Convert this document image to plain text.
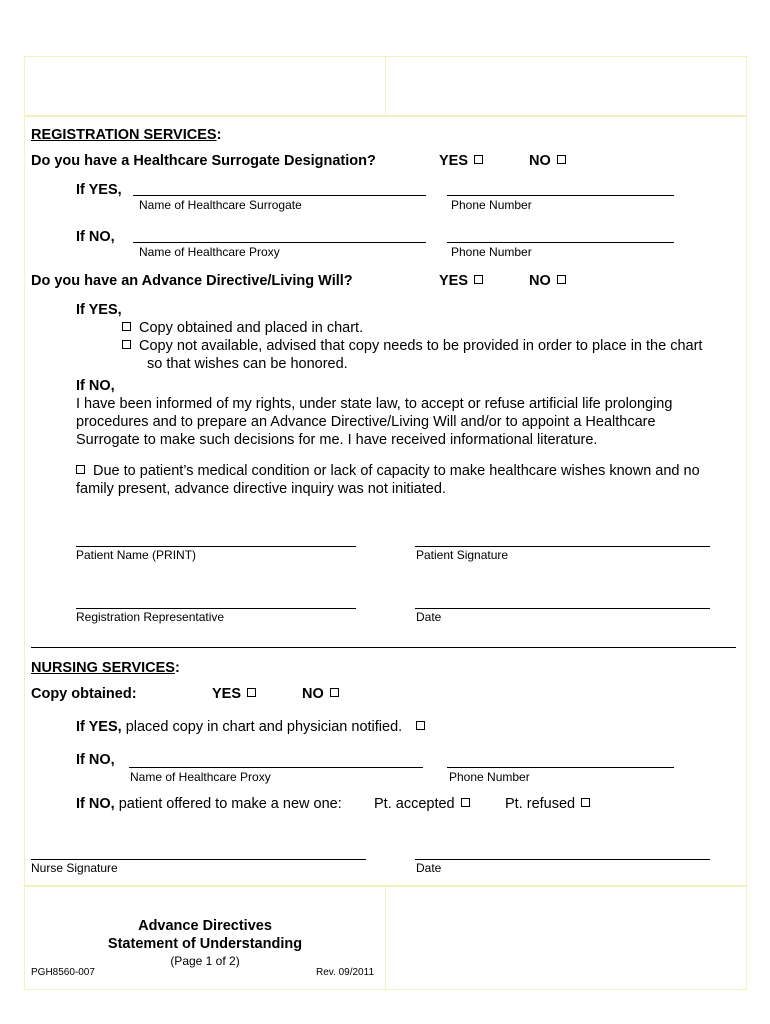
REGISTRATION SERVICES:
Do you have a Healthcare Surrogate Designation?	YES	NO
If YES,
Name of Healthcare Surrogate	Phone Number
If NO,
Name of Healthcare Proxy	Phone Number
Do you have an Advance Directive/Living Will?	YES	NO
If YES,
Copy obtained and placed in chart.
Copy not available, advised that copy needs to be provided in order to place in the chart
so that wishes can be honored.
If NO,
I have been informed of my rights, under state law, to accept or refuse artificial life prolonging
procedures and to prepare an Advance Directive/Living Will and/or to appoint a Healthcare
Surrogate to make such decisions for me. I have received informational literature.
Due to patient’s medical condition or lack of capacity to make healthcare wishes known and no
family present, advance directive inquiry was not initiated.
Patient Name (PRINT)	Patient Signature
Registration Representative	Date
NURSING SERVICES:
Copy obtained:	YES	NO
If YES, placed copy in chart and physician notified.
If NO,
Name of Healthcare Proxy	Phone Number
If NO, patient offered to make a new one: Pt. accepted	Pt. refused
Nurse Signature	Date
Advance Directives
Statement of Understanding
(Page 1 of 2)
PGH8560-007	Rev. 09/2011
